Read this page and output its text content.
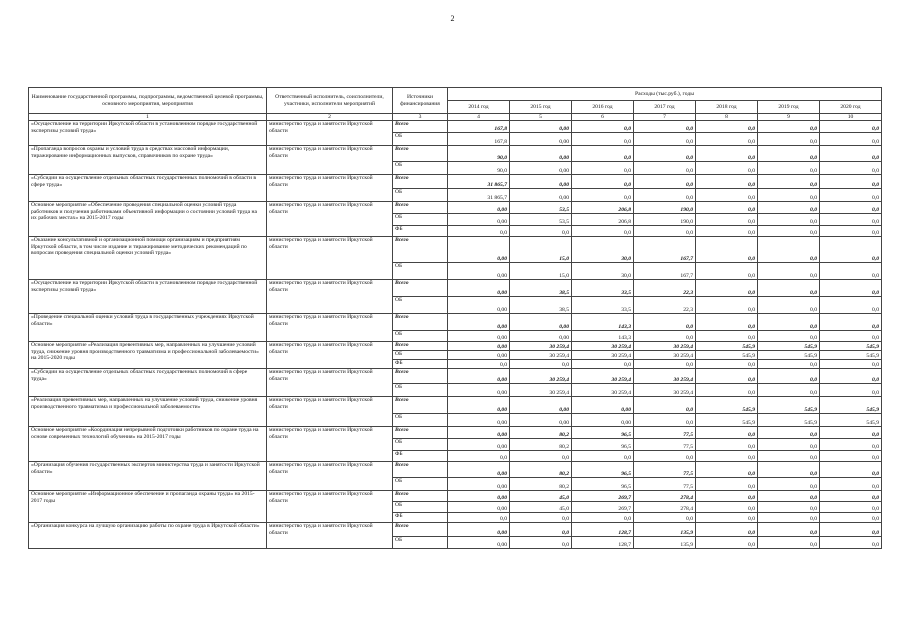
2
Наименование государственной программы, подпрограммы, ведомственной целевой программы, основного мероприятия, мероприятия	Ответственный исполнитель, соисполнители, участники, исполнители мероприятий	Источники финансирования	Расходы (тыс.руб.), годы						
			2014 год	2015 год	2016 год	2017 год	2018 год	2019 год	2020 год
1	2	3	4	5	6	7	8	9	10
«Осуществление на территории Иркутской области в установленном порядке государственной экспертизы условий труда»	министерство труда и занятости Иркутской области	Всего	167,8	0,00	0,0	0,0	0,0	0,0	0,0
		ОБ	167,8	0,00	0,0	0,0	0,0	0,0	0,0
«Пропаганда вопросов охраны и условий труда в средствах массовой информации, тиражирование информационных выпусков, справочников по охране труда»	министерство труда и занятости Иркутской области	Всего	90,0	0,00	0,0	0,0	0,0	0,0	0,0
		ОБ	90,0	0,00	0,0	0,0	0,0	0,0	0,0
«Субсидии на осуществление отдельных областных государственных полномочий в области в сфере труда»	министерство труда и занятости Иркутской области	Всего	31 865,7	0,00	0,0	0,0	0,0	0,0	0,0
		ОБ	31 865,7	0,00	0,0	0,0	0,0	0,0	0,0
Основное мероприятие «Обеспечение проведения специальной оценки условий труда работников и получения работниками объективной информации о состоянии условий труда на их рабочих местах» на 2015-2017 годы	министерство труда и занятости Иркутской области	Всего	0,00	53,5	206,8	190,0	0,0	0,0	0,0
		ОБ	0,00	53,5	206,8	190,0	0,0	0,0	0,0
		ФБ	0,0	0,0	0,0	0,0	0,0	0,0	0,0
«Оказание консультативной и организационной помощи организациям и предприятиям Иркутской области, в том числе издание и тиражирование методических рекомендаций по вопросам проведения специальной оценки условий труда»	министерство труда и занятости Иркутской области	Всего	0,00	15,0	30,0	167,7	0,0	0,0	0,0
		ОБ	0,00	15,0	30,0	167,7	0,0	0,0	0,0
«Осуществление на территории Иркутской области в установленном порядке государственной экспертизы условий труда»	министерство труда и занятости Иркутской области	Всего	0,00	38,5	33,5	22,3	0,0	0,0	0,0
		ОБ	0,00	38,5	33,5	22,3	0,0	0,0	0,0
«Проведение специальной оценки условий труда в государственных учреждениях Иркутской области»	министерство труда и занятости Иркутской области	Всего	0,00	0,00	143,3	0,0	0,0	0,0	0,0
		ОБ	0,00	0,00	143,3	0,0	0,0	0,0	0,0
Основное мероприятие «Реализация превентивных мер, направленных на улучшение условий труда, снижение уровня производственного травматизма и профессиональной заболеваемости» на 2015-2020 годы	министерство труда и занятости Иркутской области	Всего	0,00	30 259,4	30 259,4	30 259,4	545,9	545,9	545,9
		ОБ	0,00	30 259,4	30 259,4	30 259,4	545,9	545,9	545,9
		ФБ	0,0	0,0	0,0	0,0	0,0	0,0	0,0
«Субсидии на осуществление отдельных областных государственных полномочий в сфере труда»	министерство труда и занятости Иркутской области	Всего	0,00	30 259,4	30 259,4	30 259,4	0,0	0,0	0,0
		ОБ	0,00	30 259,4	30 259,4	30 259,4	0,0	0,0	0,0
«Реализация превентивных мер, направленных на улучшение условий труда, снижение уровня производственного травматизма и профессиональной заболеваемости»	министерство труда и занятости Иркутской области	Всего	0,00	0,00	0,00	0,0	545,9	545,9	545,9
		ОБ	0,00	0,00	0,00	0,0	545,9	545,9	545,9
Основное мероприятие «Координация непрерывной подготовки работников по охране труда на основе современных технологий обучения» на 2015-2017 годы	министерство труда и занятости Иркутской области	Всего	0,00	80,2	96,5	77,5	0,0	0,0	0,0
		ОБ	0,00	80,2	96,5	77,5	0,0	0,0	0,0
		ФБ	0,0	0,0	0,0	0,0	0,0	0,0	0,0
«Организация обучения государственных экспертов министерства труда и занятости Иркутской области»	министерство труда и занятости Иркутской области	Всего	0,00	80,2	96,5	77,5	0,0	0,0	0,0
		ОБ	0,00	80,2	96,5	77,5	0,0	0,0	0,0
Основное мероприятие «Информационное обеспечение и пропаганда охраны труда» на 2015-2017 годы	министерство труда и занятости Иркутской области	Всего	0,00	45,0	269,7	278,4	0,0	0,0	0,0
		ОБ	0,00	45,0	269,7	278,4	0,0	0,0	0,0
		ФБ	0,0	0,0	0,0	0,0	0,0	0,0	0,0
«Организация конкурса на лучшую организацию работы по охране труда в Иркутской области»	министерство труда и занятости Иркутской области	Всего	0,00	0,0	128,7	135,9	0,0	0,0	0,0
		ОБ	0,00	0,0	128,7	135,9	0,0	0,0	0,0
